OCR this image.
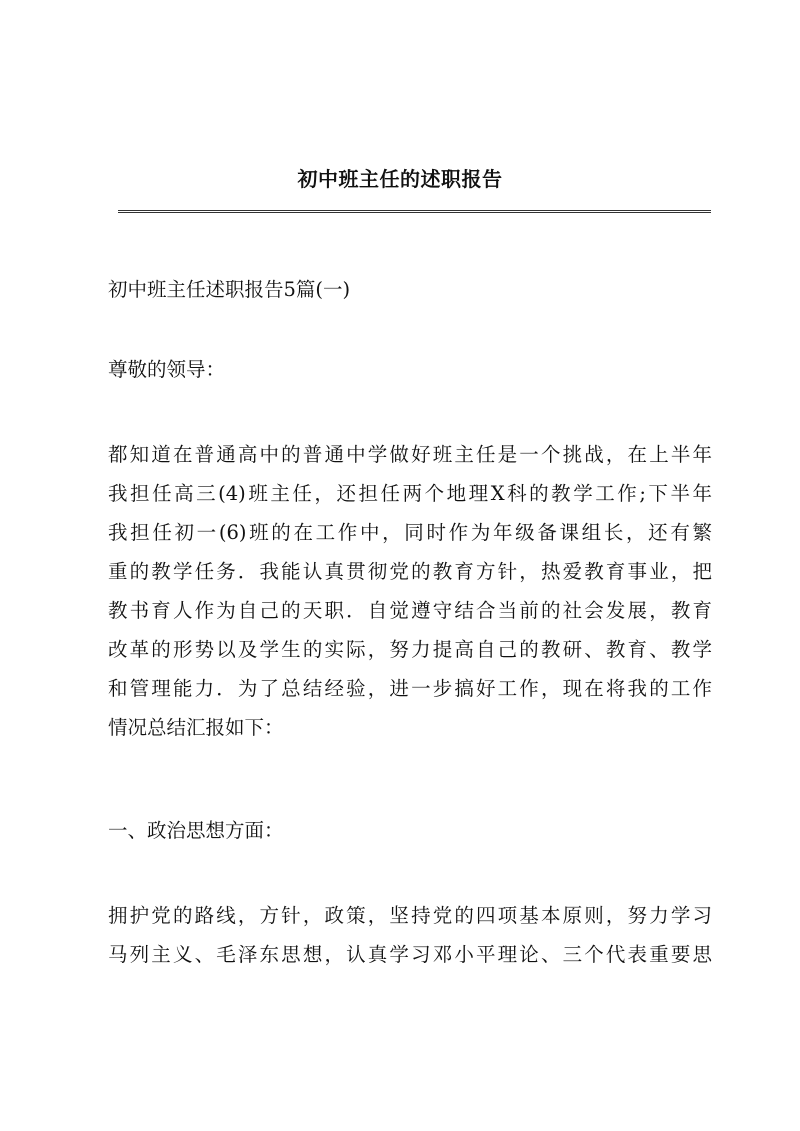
初中班主任的述职报告

初中班主任述职报告5篇(一)

尊敬的领导：

都知道在普通高中的普通中学做好班主任是一个挑战，在上半年
我担任高三(4)班主任，还担任两个地理X科的教学工作;下半年
我担任初一(6)班的在工作中，同时作为年级备课组长，还有繁
重的教学任务．我能认真贯彻党的教育方针，热爱教育事业，把
教书育人作为自己的天职．自觉遵守结合当前的社会发展，教育
改革的形势以及学生的实际，努力提高自己的教研、教育、教学
和管理能力．为了总结经验，进一步搞好工作，现在将我的工作
情况总结汇报如下：

一、政治思想方面：

拥护党的路线，方针，政策，坚持党的四项基本原则，努力学习
马列主义、毛泽东思想，认真学习邓小平理论、三个代表重要思
